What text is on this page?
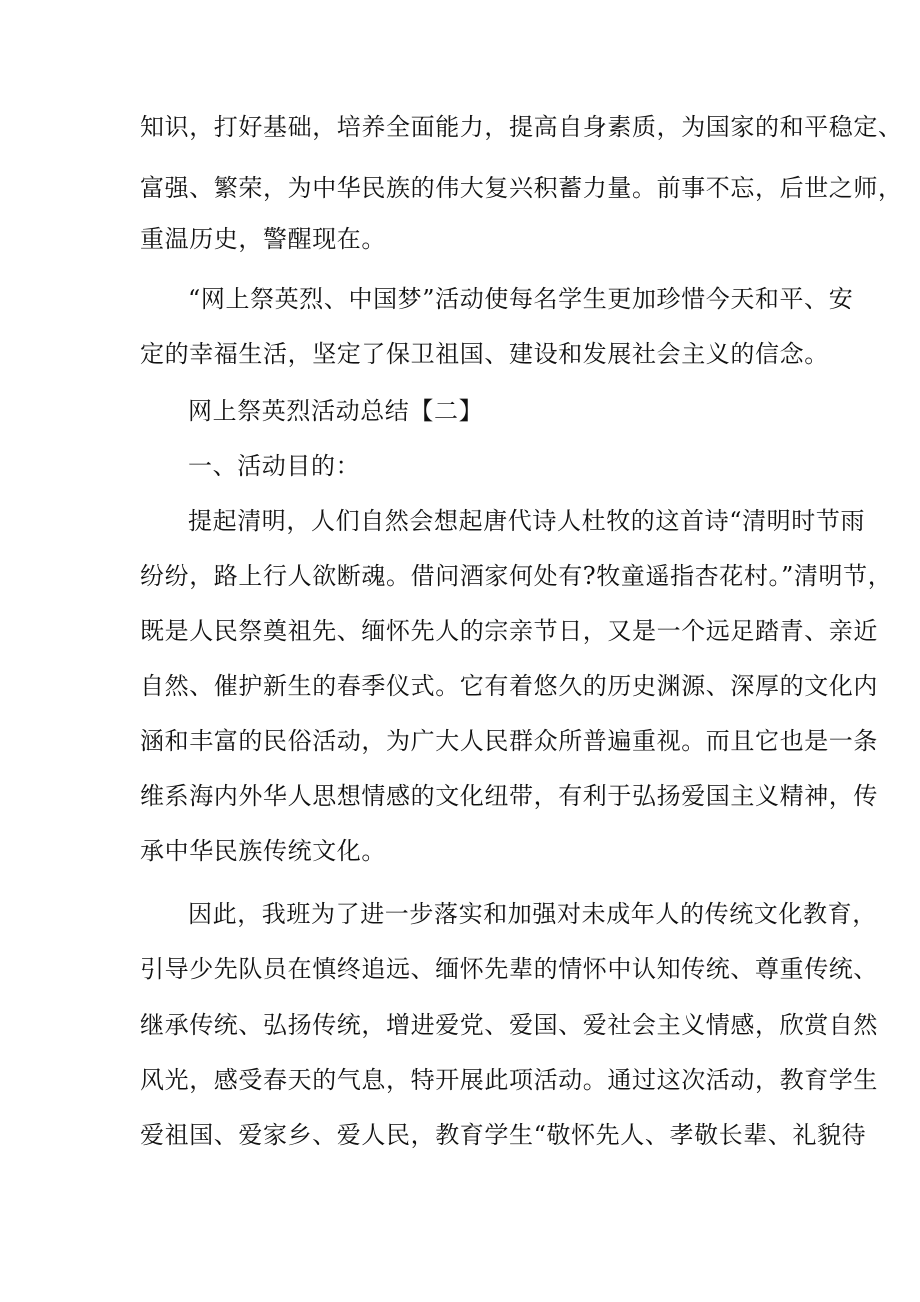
知识，打好基础，培养全面能力，提高自身素质，为国家的和平稳定、
富强、繁荣，为中华民族的伟大复兴积蓄力量。前事不忘，后世之师，
重温历史，警醒现在。
“网上祭英烈、中国梦”活动使每名学生更加珍惜今天和平、安
定的幸福生活，坚定了保卫祖国、建设和发展社会主义的信念。
网上祭英烈活动总结【二】
一、活动目的：
提起清明，人们自然会想起唐代诗人杜牧的这首诗“清明时节雨
纷纷，路上行人欲断魂。借问酒家何处有?牧童遥指杏花村。”清明节，
既是人民祭奠祖先、缅怀先人的宗亲节日，又是一个远足踏青、亲近
自然、催护新生的春季仪式。它有着悠久的历史渊源、深厚的文化内
涵和丰富的民俗活动，为广大人民群众所普遍重视。而且它也是一条
维系海内外华人思想情感的文化纽带，有利于弘扬爱国主义精神，传
承中华民族传统文化。
因此，我班为了进一步落实和加强对未成年人的传统文化教育，
引导少先队员在慎终追远、缅怀先辈的情怀中认知传统、尊重传统、
继承传统、弘扬传统，增进爱党、爱国、爱社会主义情感，欣赏自然
风光，感受春天的气息，特开展此项活动。通过这次活动，教育学生
爱祖国、爱家乡、爱人民，教育学生“敬怀先人、孝敬长辈、礼貌待
